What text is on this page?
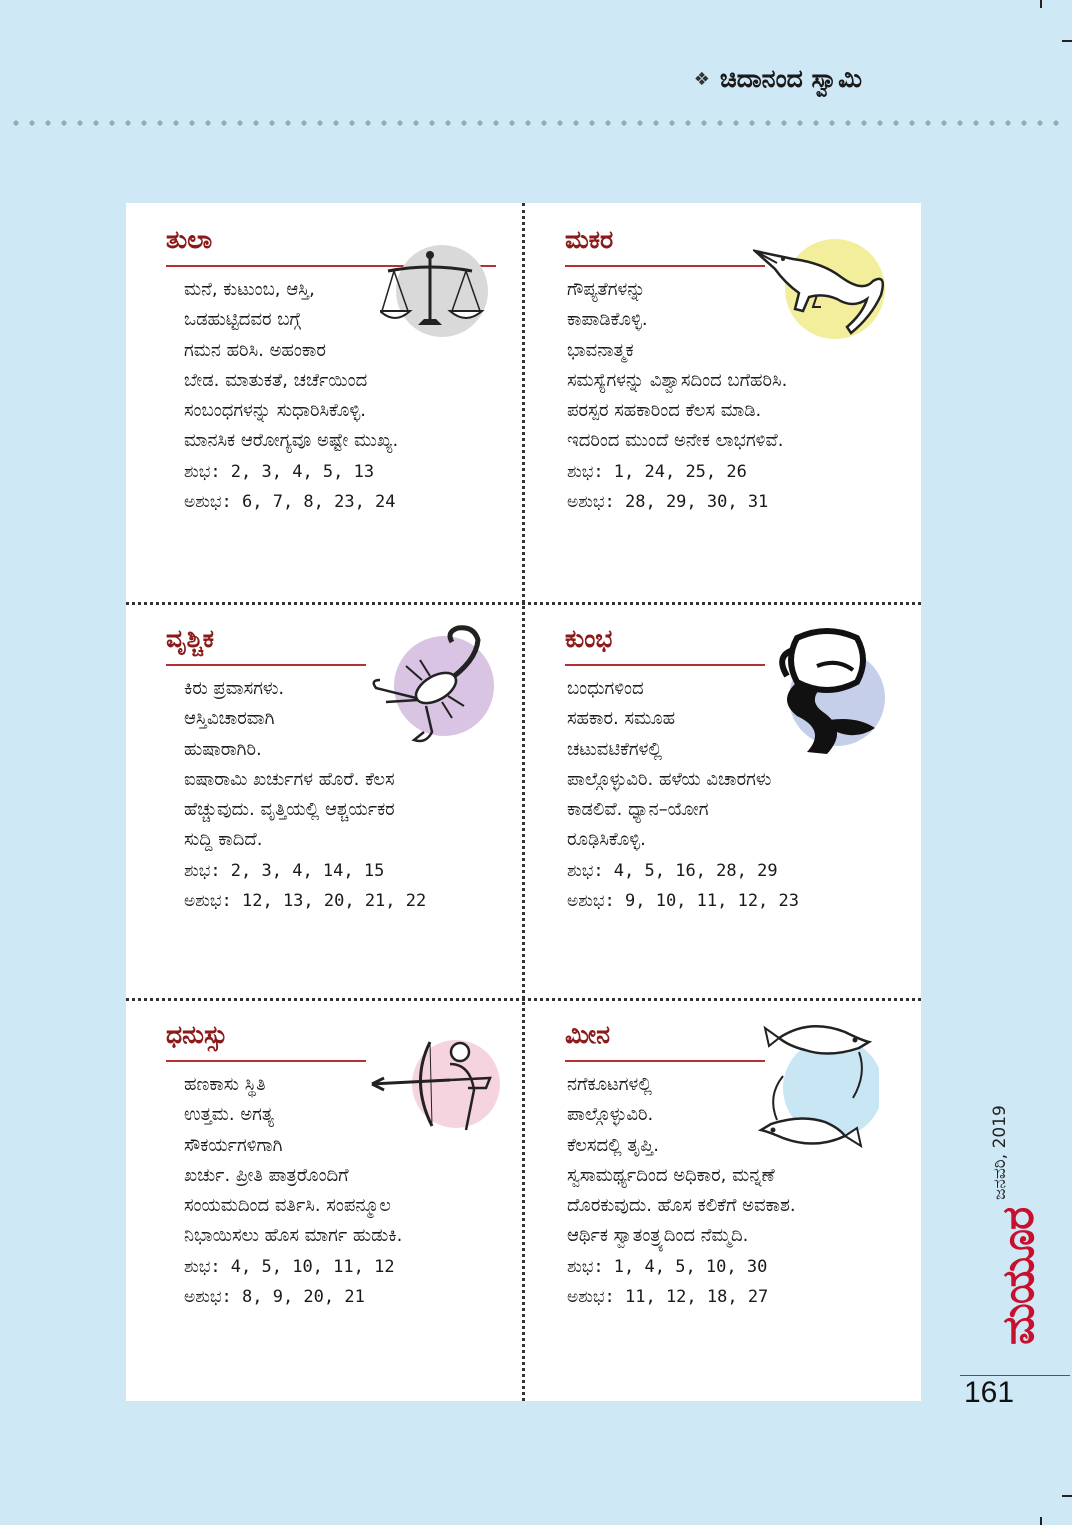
❖ ಚಿದಾನಂದ ಸ್ವಾಮಿ
ತುಲಾ
ಮನೆ, ಕುಟುಂಬ, ಆಸ್ತಿ,
ಒಡಹುಟ್ಟಿದವರ ಬಗ್ಗೆ
ಗಮನ ಹರಿಸಿ. ಅಹಂಕಾರ
ಬೇಡ. ಮಾತುಕತೆ, ಚರ್ಚೆಯಿಂದ
ಸಂಬಂಧಗಳನ್ನು ಸುಧಾರಿಸಿಕೊಳ್ಳಿ.
ಮಾನಸಿಕ ಆರೋಗ್ಯವೂ ಅಷ್ಟೇ ಮುಖ್ಯ.
ಶುಭ: 2, 3, 4, 5, 13
ಅಶುಭ: 6, 7, 8, 23, 24
ಮಕರ
ಗೌಪ್ಯತೆಗಳನ್ನು
ಕಾಪಾಡಿಕೊಳ್ಳಿ.
ಭಾವನಾತ್ಮಕ
ಸಮಸ್ಯೆಗಳನ್ನು ವಿಶ್ವಾಸದಿಂದ ಬಗೆಹರಿಸಿ.
ಪರಸ್ಪರ ಸಹಕಾರಿಂದ ಕೆಲಸ ಮಾಡಿ.
ಇದರಿಂದ ಮುಂದೆ ಅನೇಕ ಲಾಭಗಳಿವೆ.
ಶುಭ: 1, 24, 25, 26
ಅಶುಭ: 28, 29, 30, 31
ವೃಶ್ಚಿಕ
ಕಿರು ಪ್ರವಾಸಗಳು.
ಆಸ್ತಿವಿಚಾರವಾಗಿ
ಹುಷಾರಾಗಿರಿ.
ಐಷಾರಾಮಿ ಖರ್ಚುಗಳ ಹೊರೆ. ಕೆಲಸ
ಹೆಚ್ಚುವುದು. ವೃತ್ತಿಯಲ್ಲಿ ಆಶ್ಚರ್ಯಕರ
ಸುದ್ದಿ ಕಾದಿದೆ.
ಶುಭ: 2, 3, 4, 14, 15
ಅಶುಭ: 12, 13, 20, 21, 22
ಕುಂಭ
ಬಂಧುಗಳಿಂದ
ಸಹಕಾರ. ಸಮೂಹ
ಚಟುವಟಿಕೆಗಳಲ್ಲಿ
ಪಾಲ್ಗೊಳ್ಳುವಿರಿ. ಹಳೆಯ ವಿಚಾರಗಳು
ಕಾಡಲಿವೆ. ಧ್ಯಾನ–ಯೋಗ
ರೂಢಿಸಿಕೊಳ್ಳಿ.
ಶುಭ: 4, 5, 16, 28, 29
ಅಶುಭ: 9, 10, 11, 12, 23
ಧನುಸ್ಸು
ಹಣಕಾಸು ಸ್ಥಿತಿ
ಉತ್ತಮ. ಅಗತ್ಯ
ಸೌಕರ್ಯಗಳಿಗಾಗಿ
ಖರ್ಚು. ಪ್ರೀತಿ ಪಾತ್ರರೊಂದಿಗೆ
ಸಂಯಮದಿಂದ ವರ್ತಿಸಿ. ಸಂಪನ್ಮೂಲ
ನಿಭಾಯಿಸಲು ಹೊಸ ಮಾರ್ಗ ಹುಡುಕಿ.
ಶುಭ: 4, 5, 10, 11, 12
ಅಶುಭ: 8, 9, 20, 21
ಮೀನ
ನಗೆಕೂಟಗಳಲ್ಲಿ
ಪಾಲ್ಗೊಳ್ಳುವಿರಿ.
ಕೆಲಸದಲ್ಲಿ ತೃಪ್ತಿ.
ಸ್ವಸಾಮರ್ಥ್ಯದಿಂದ ಅಧಿಕಾರ, ಮನ್ನಣೆ
ದೊರಕುವುದು. ಹೊಸ ಕಲಿಕೆಗೆ ಅವಕಾಶ.
ಆರ್ಥಿಕ ಸ್ವಾತಂತ್ರ್ಯದಿಂದ ನೆಮ್ಮದಿ.
ಶುಭ: 1, 4, 5, 10, 30
ಅಶುಭ: 11, 12, 18, 27
ಜನವರಿ, 2019
ಮಯೂರ
161
